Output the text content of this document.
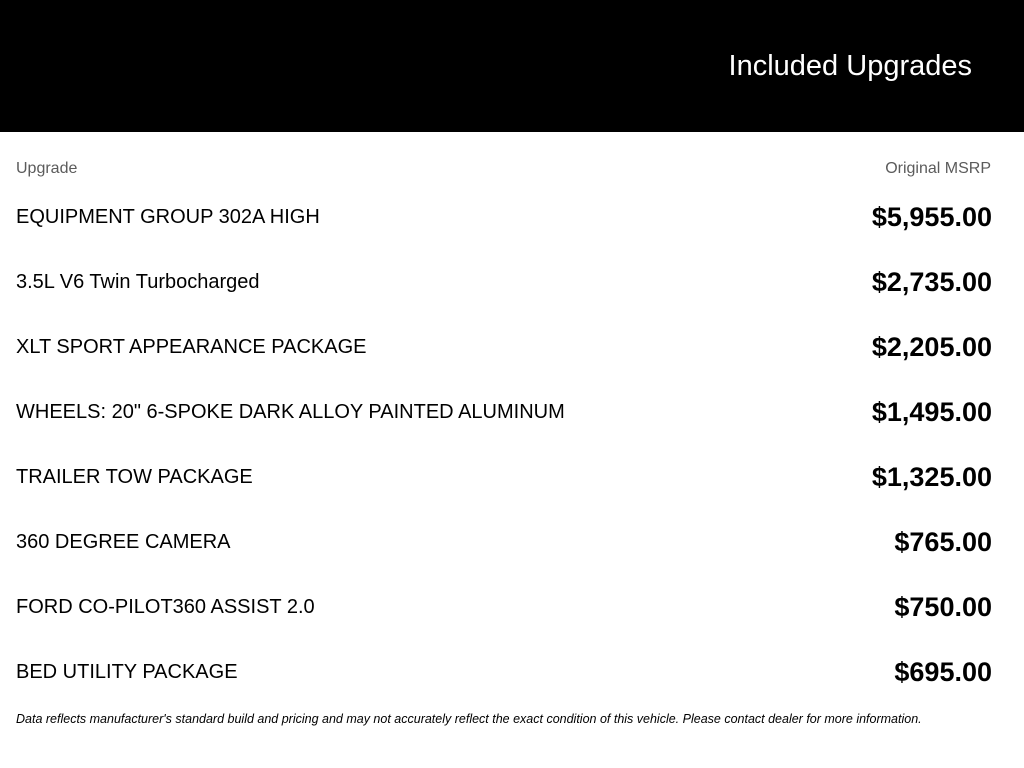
Included Upgrades
Upgrade	Original MSRP
EQUIPMENT GROUP 302A HIGH	$5,955.00
3.5L V6 Twin Turbocharged	$2,735.00
XLT SPORT APPEARANCE PACKAGE	$2,205.00
WHEELS: 20" 6-SPOKE DARK ALLOY PAINTED ALUMINUM	$1,495.00
TRAILER TOW PACKAGE	$1,325.00
360 DEGREE CAMERA	$765.00
FORD CO-PILOT360 ASSIST 2.0	$750.00
BED UTILITY PACKAGE	$695.00
Data reflects manufacturer's standard build and pricing and may not accurately reflect the exact condition of this vehicle. Please contact dealer for more information.
